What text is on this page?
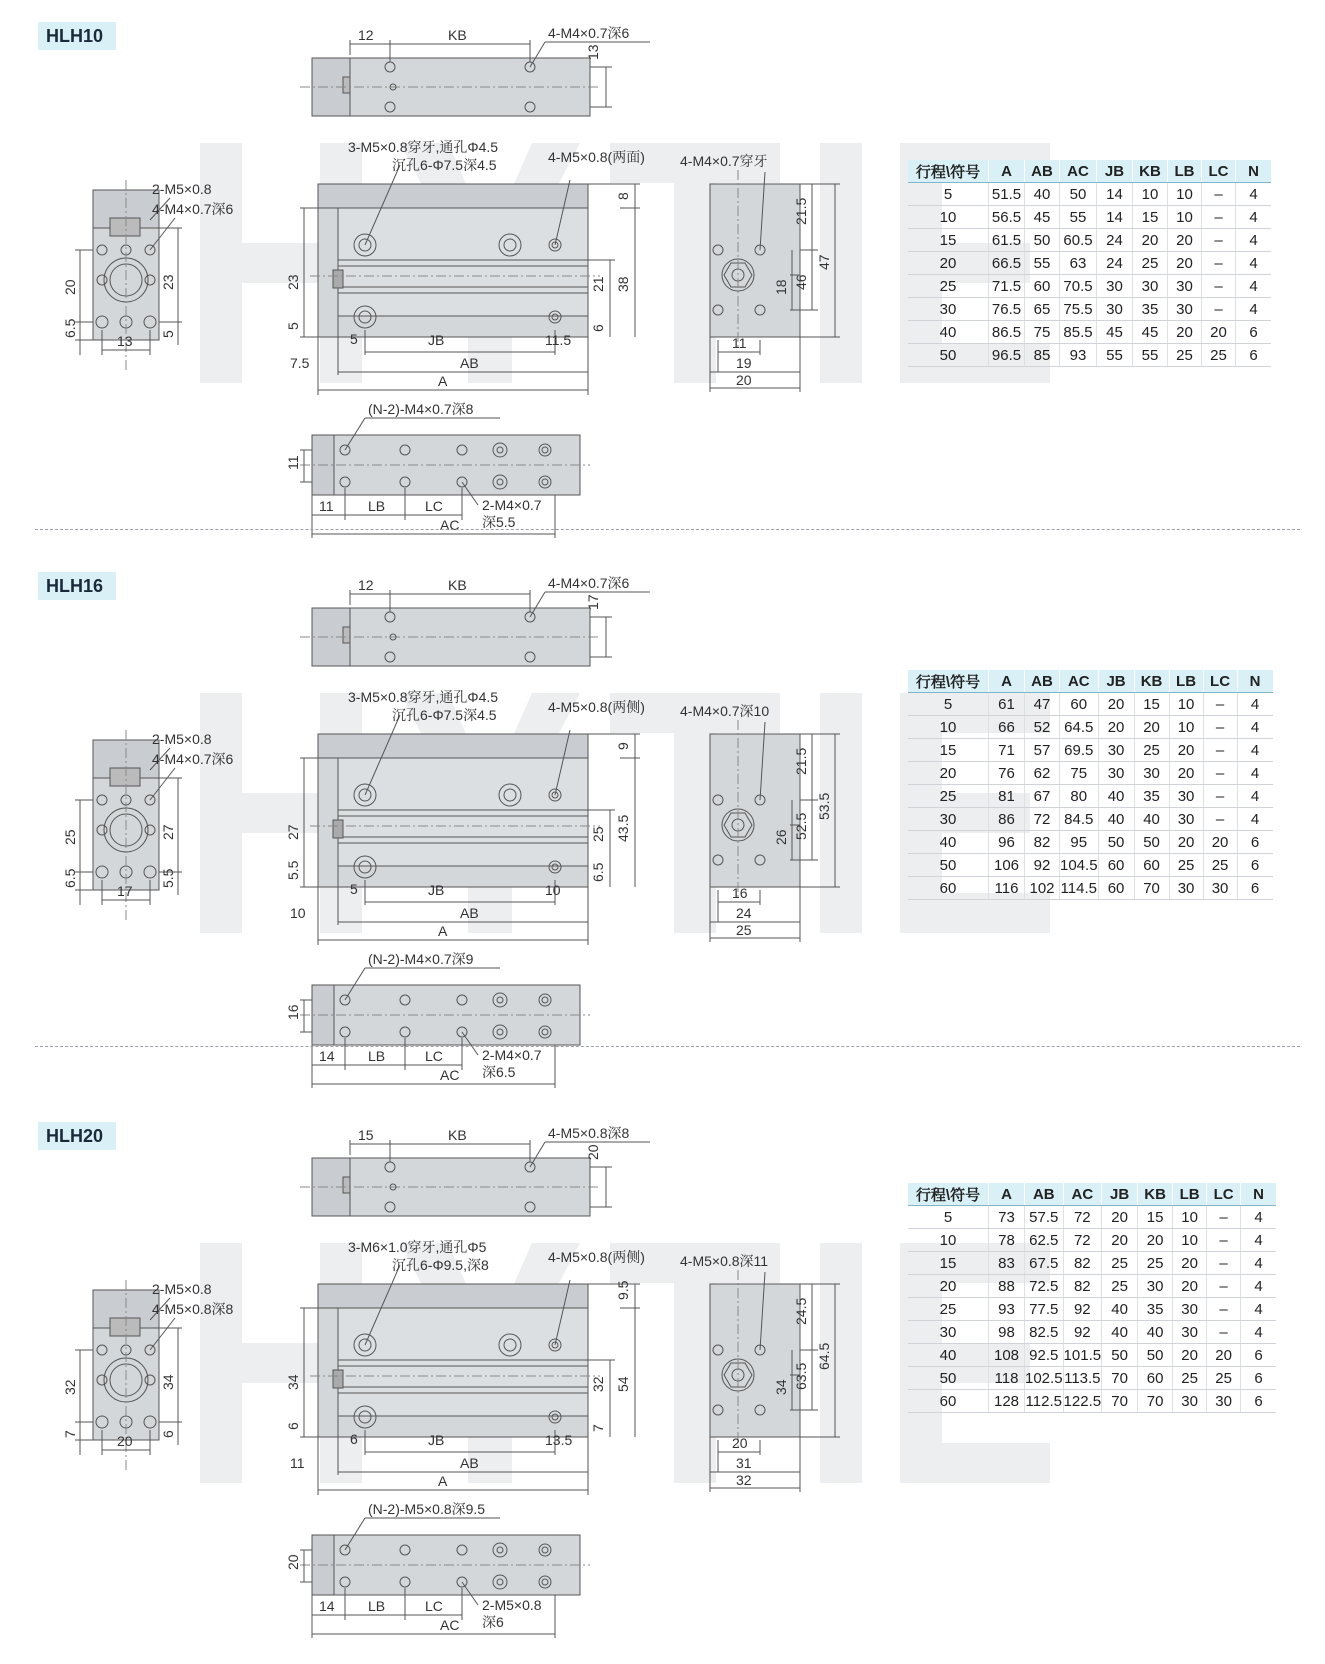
HLH10	12	KB
13
4-M4×0.7深6
3-M5×0.8穿牙,通孔Φ4.5
沉孔6-Φ7.5深4.5	4-M5×0.8(两面)
5	JB	11.5
7.5	AB
A
23
5
8
38
21
6
2-M5×0.8
4-M4×0.7深6
20
6.5
23
5
13
4-M4×0.7穿牙
21.5
46
47
18
11
19
20
(N-2)-M4×0.7深8
2-M4×0.7
深5.5
11
11 LB	LC
AC
行程\符号	A	AB	AC	JB	KB	LB	LC	N
5	51.5	40	50	14	10	10	–	4
10	56.5	45	55	14	15	10	–	4
15	61.5	50	60.5	24	20	20	–	4
20	66.5	55	63	24	25	20	–	4
25	71.5	60	70.5	30	30	30	–	4
30	76.5	65	75.5	30	35	30	–	4
40	86.5	75	85.5	45	45	20	20	6
50	96.5	85	93	55	55	25	25	6
HLH16	12	KB
17
4-M4×0.7深6
3-M5×0.8穿牙,通孔Φ4.5
沉孔6-Φ7.5深4.5	4-M5×0.8(两侧)
5	JB	10
10	AB
A
27
5.5
9
43.5
25
6.5
2-M5×0.8
4-M4×0.7深6
25
6.5
27
5.5
17
4-M4×0.7深10
21.5
52.5
53.5
26
16
24
25
(N-2)-M4×0.7深9
2-M4×0.7
深6.5
16
14 LB	LC
AC
行程\符号	A	AB	AC	JB	KB	LB	LC	N
5	61	47	60	20	15	10	–	4
10	66	52	64.5	20	20	10	–	4
15	71	57	69.5	30	25	20	–	4
20	76	62	75	30	30	20	–	4
25	81	67	80	40	35	30	–	4
30	86	72	84.5	40	40	30	–	4
40	96	82	95	50	50	20	20	6
50	106	92	104.5	60	60	25	25	6
60	116	102	114.5	60	70	30	30	6
HLH20	15	KB
20
4-M5×0.8深8
3-M6×1.0穿牙,通孔Φ5
沉孔6-Φ9.5,深8	4-M5×0.8(两侧)
6	JB	13.5
11	AB
A
34
6
9.5
54
32
7
2-M5×0.8
4-M5×0.8深8
32
7
34
6
20
4-M5×0.8深11
24.5
63.5
64.5
34
20
31
32
(N-2)-M5×0.8深9.5
2-M5×0.8
深6
20
14 LB	LC
AC
行程\符号	A	AB	AC	JB	KB	LB	LC	N
5	73	57.5	72	20	15	10	–	4
10	78	62.5	72	20	20	10	–	4
15	83	67.5	82	25	25	20	–	4
20	88	72.5	82	25	30	20	–	4
25	93	77.5	92	40	35	30	–	4
30	98	82.5	92	40	40	30	–	4
40	108	92.5	101.5	50	50	20	20	6
50	118	102.5	113.5	70	60	25	25	6
60	128	112.5	122.5	70	70	30	30	6
